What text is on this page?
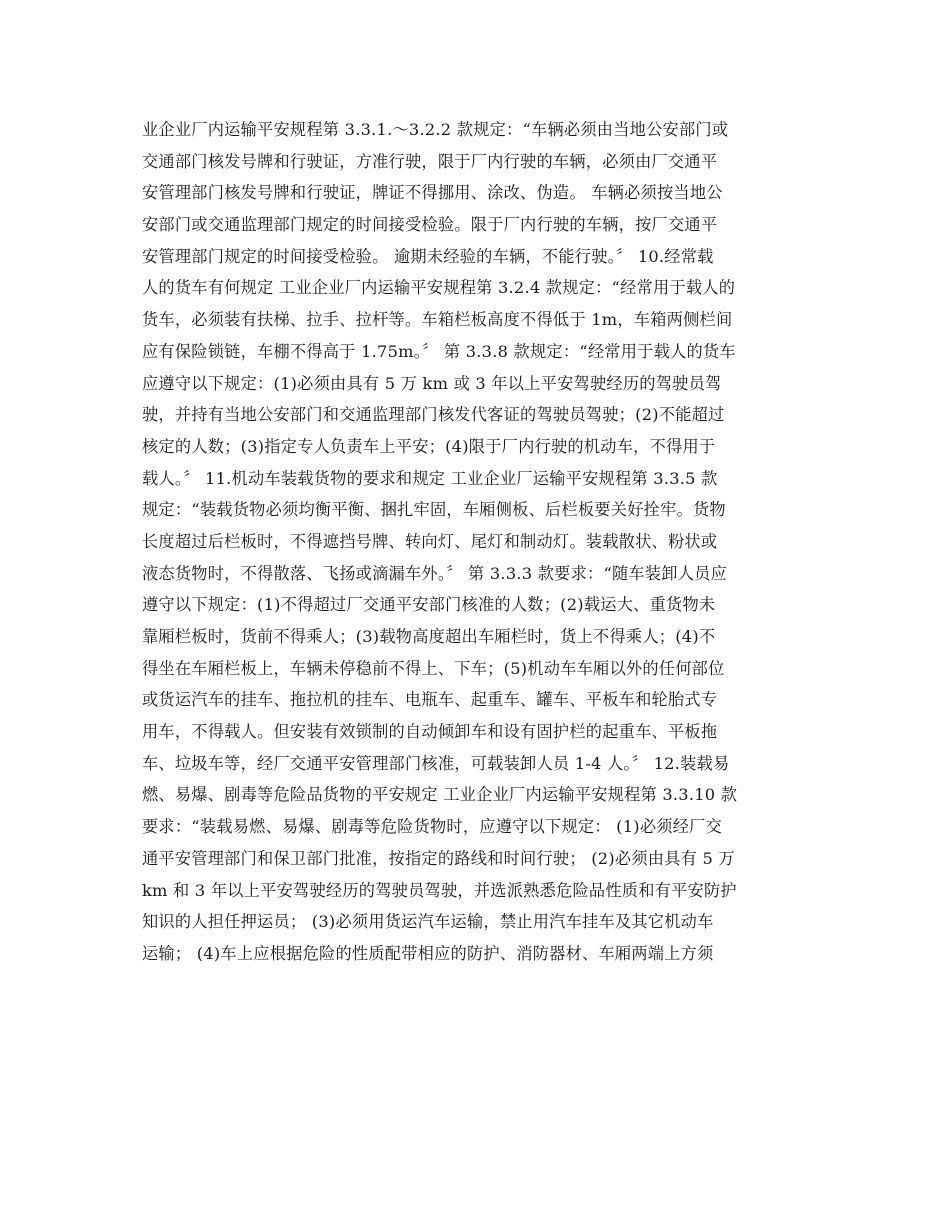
业企业厂内运输平安规程第 3.3.1.～3.2.2 款规定：“车辆必须由当地公安部门或
交通部门核发号牌和行驶证，方准行驶，限于厂内行驶的车辆，必须由厂交通平
安管理部门核发号牌和行驶证，牌证不得挪用、涂改、伪造。 车辆必须按当地公
安部门或交通监理部门规定的时间接受检验。限于厂内行驶的车辆，按厂交通平
安管理部门规定的时间接受检验。 逾期未经验的车辆，不能行驶。〞 10.经常载
人的货车有何规定 工业企业厂内运输平安规程第 3.2.4 款规定：“经常用于载人的
货车，必须装有扶梯、拉手、拉杆等。车箱栏板高度不得低于 1m，车箱两侧栏间
应有保险锁链，车棚不得高于 1.75m。〞 第 3.3.8 款规定：“经常用于载人的货车
应遵守以下规定：(1)必须由具有 5 万 km 或 3 年以上平安驾驶经历的驾驶员驾
驶，并持有当地公安部门和交通监理部门核发代客证的驾驶员驾驶；(2)不能超过
核定的人数；(3)指定专人负责车上平安；(4)限于厂内行驶的机动车，不得用于
载人。〞 11.机动车装载货物的要求和规定 工业企业厂运输平安规程第 3.3.5 款
规定：“装载货物必须均衡平衡、捆扎牢固，车厢侧板、后栏板要关好拴牢。货物
长度超过后栏板时，不得遮挡号牌、转向灯、尾灯和制动灯。装载散状、粉状或
液态货物时，不得散落、飞扬或滴漏车外。〞 第 3.3.3 款要求：“随车装卸人员应
遵守以下规定：(1)不得超过厂交通平安部门核准的人数；(2)载运大、重货物未
靠厢栏板时，货前不得乘人；(3)载物高度超出车厢栏时，货上不得乘人；(4)不
得坐在车厢栏板上，车辆未停稳前不得上、下车；(5)机动车车厢以外的任何部位
或货运汽车的挂车、拖拉机的挂车、电瓶车、起重车、罐车、平板车和轮胎式专
用车，不得载人。但安装有效锁制的自动倾卸车和设有固护栏的起重车、平板拖
车、垃圾车等，经厂交通平安管理部门核准，可载装卸人员 1-4 人。〞 12.装载易
燃、易爆、剧毒等危险品货物的平安规定 工业企业厂内运输平安规程第 3.3.10 款
要求：“装载易燃、易爆、剧毒等危险货物时，应遵守以下规定： (1)必须经厂交
通平安管理部门和保卫部门批准，按指定的路线和时间行驶； (2)必须由具有 5 万
km 和 3 年以上平安驾驶经历的驾驶员驾驶，并选派熟悉危险品性质和有平安防护
知识的人担任押运员； (3)必须用货运汽车运输，禁止用汽车挂车及其它机动车
运输； (4)车上应根据危险的性质配带相应的防护、消防器材、车厢两端上方须
